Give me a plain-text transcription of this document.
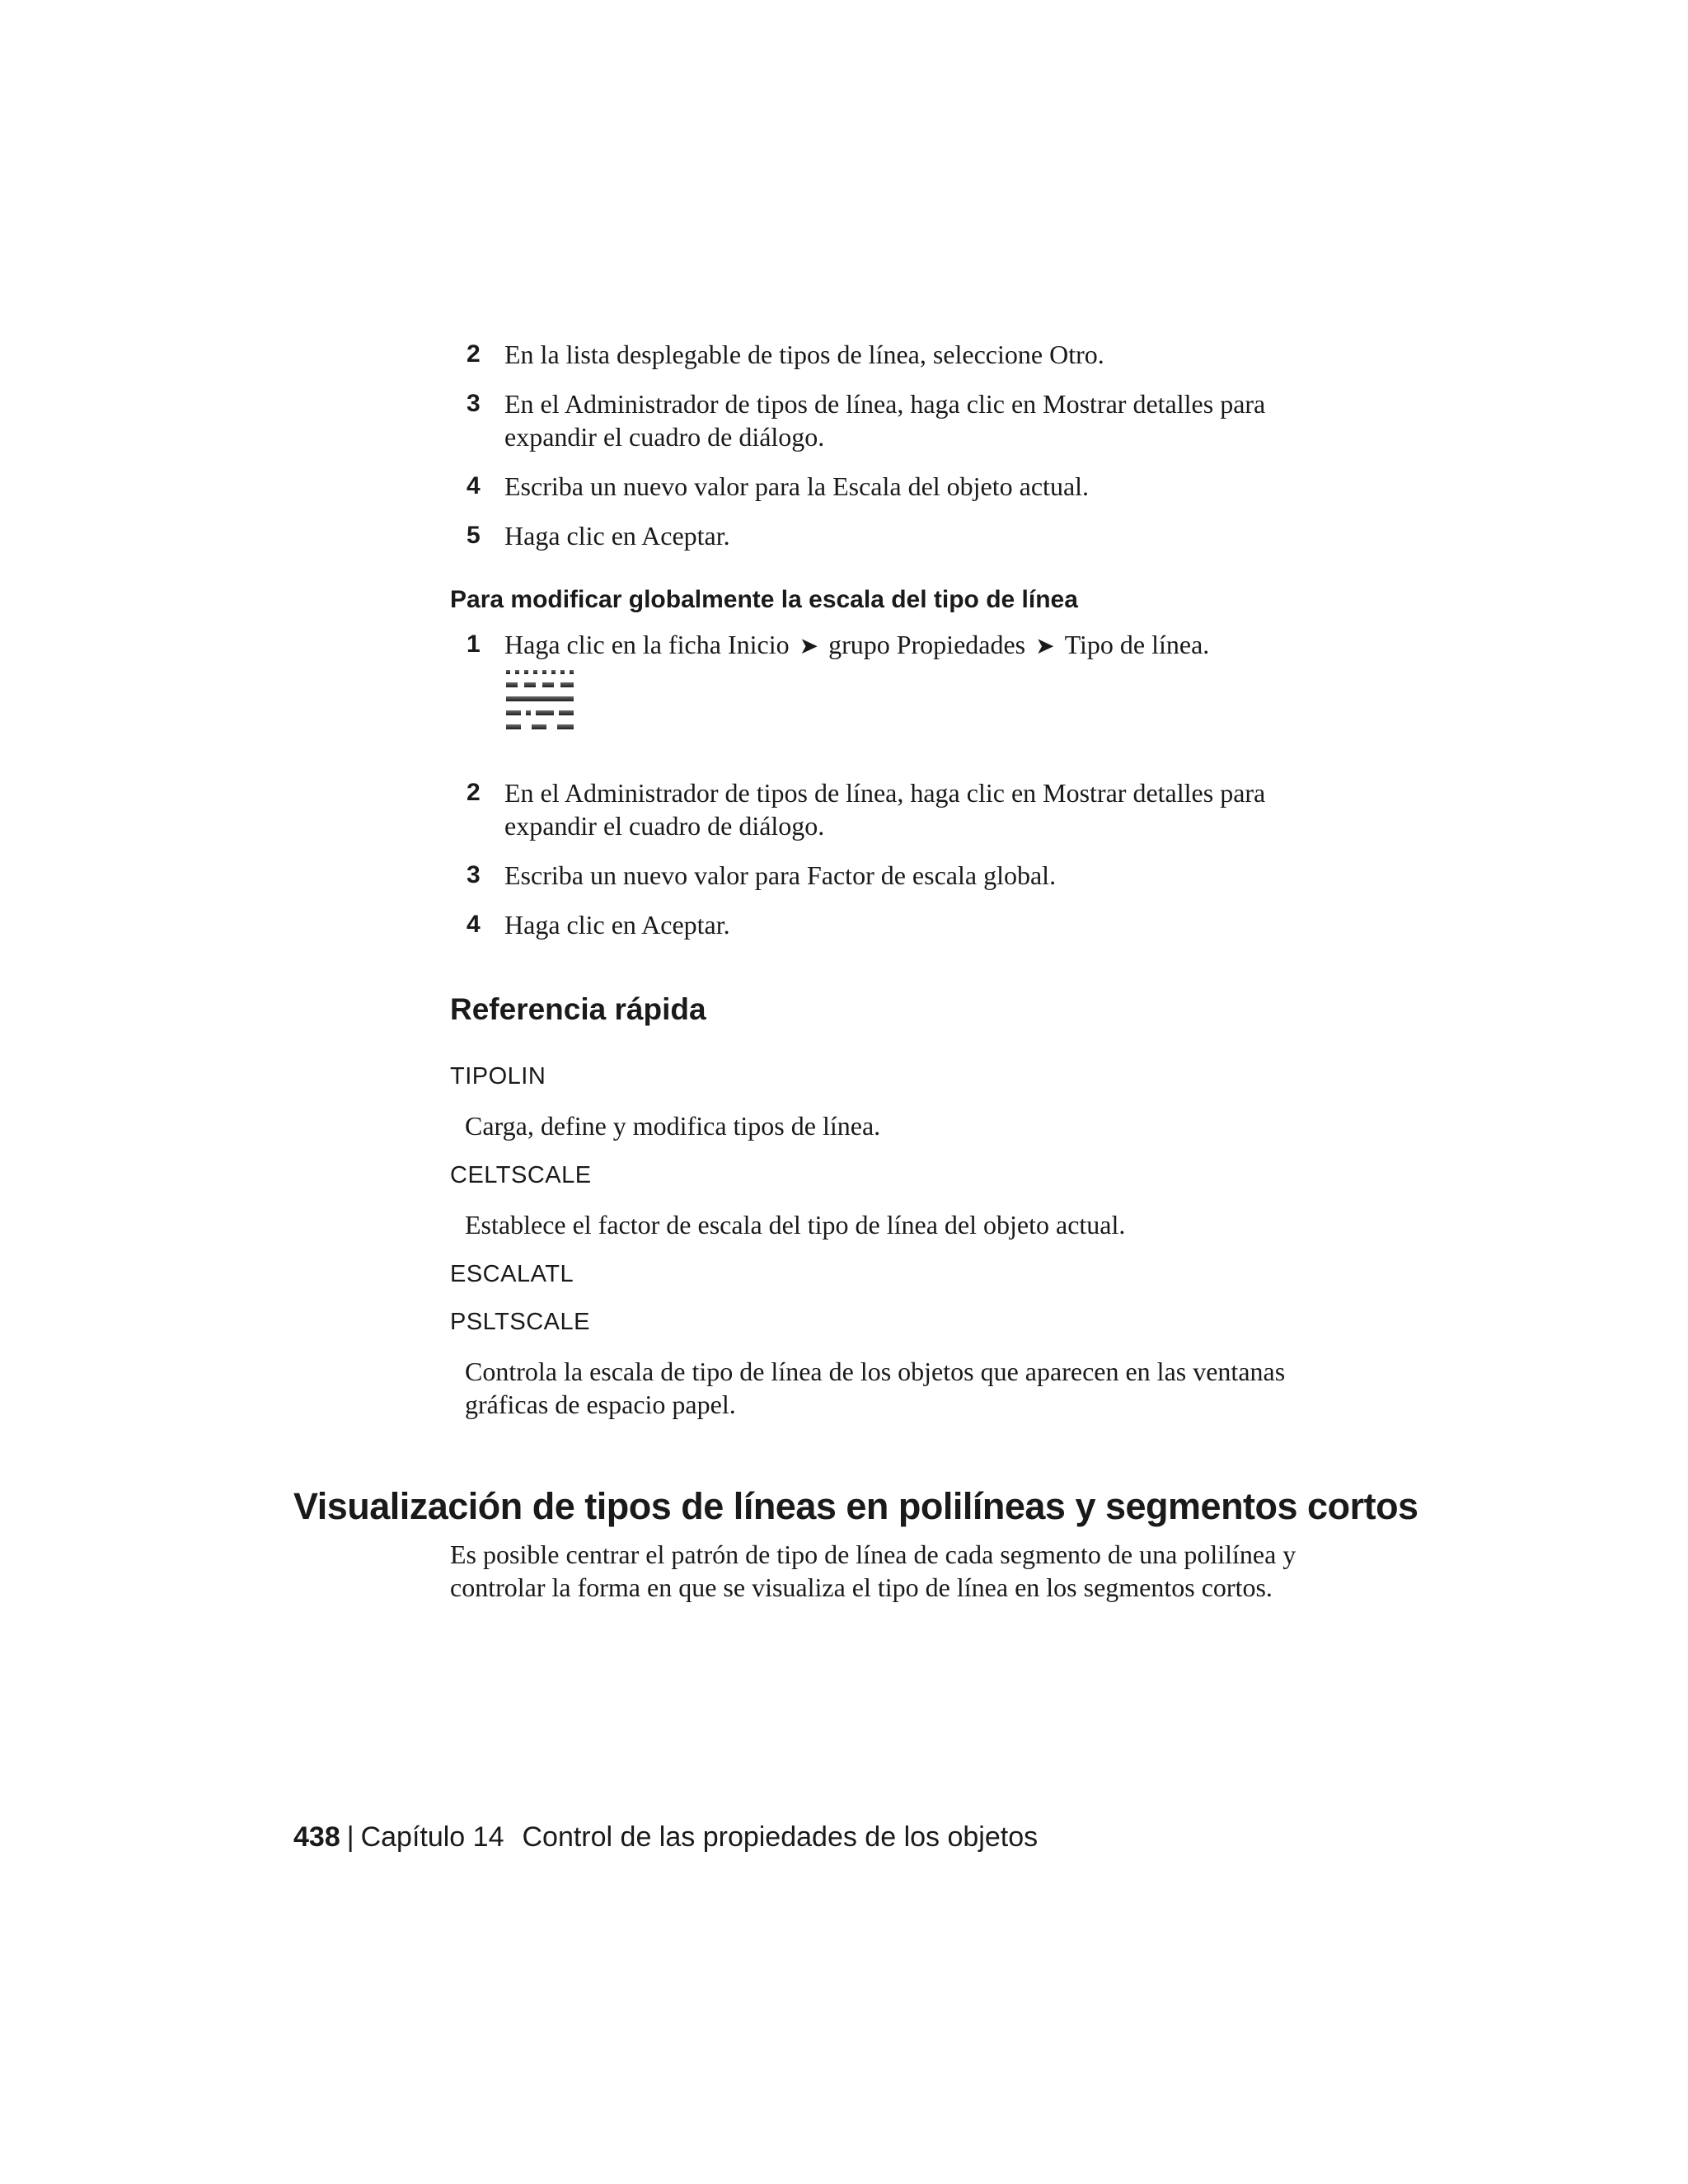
2 En la lista desplegable de tipos de línea, seleccione Otro.
3 En el Administrador de tipos de línea, haga clic en Mostrar detalles para expandir el cuadro de diálogo.
4 Escriba un nuevo valor para la Escala del objeto actual.
5 Haga clic en Aceptar.
Para modificar globalmente la escala del tipo de línea
1 Haga clic en la ficha Inicio ➤ grupo Propiedades ➤ Tipo de línea.
2 En el Administrador de tipos de línea, haga clic en Mostrar detalles para expandir el cuadro de diálogo.
3 Escriba un nuevo valor para Factor de escala global.
4 Haga clic en Aceptar.
Referencia rápida
TIPOLIN
Carga, define y modifica tipos de línea.
CELTSCALE
Establece el factor de escala del tipo de línea del objeto actual.
ESCALATL
PSLTSCALE
Controla la escala de tipo de línea de los objetos que aparecen en las ventanas gráficas de espacio papel.
Visualización de tipos de líneas en polilíneas y segmentos cortos
Es posible centrar el patrón de tipo de línea de cada segmento de una polilínea y controlar la forma en que se visualiza el tipo de línea en los segmentos cortos.
438 | Capítulo 14 Control de las propiedades de los objetos
